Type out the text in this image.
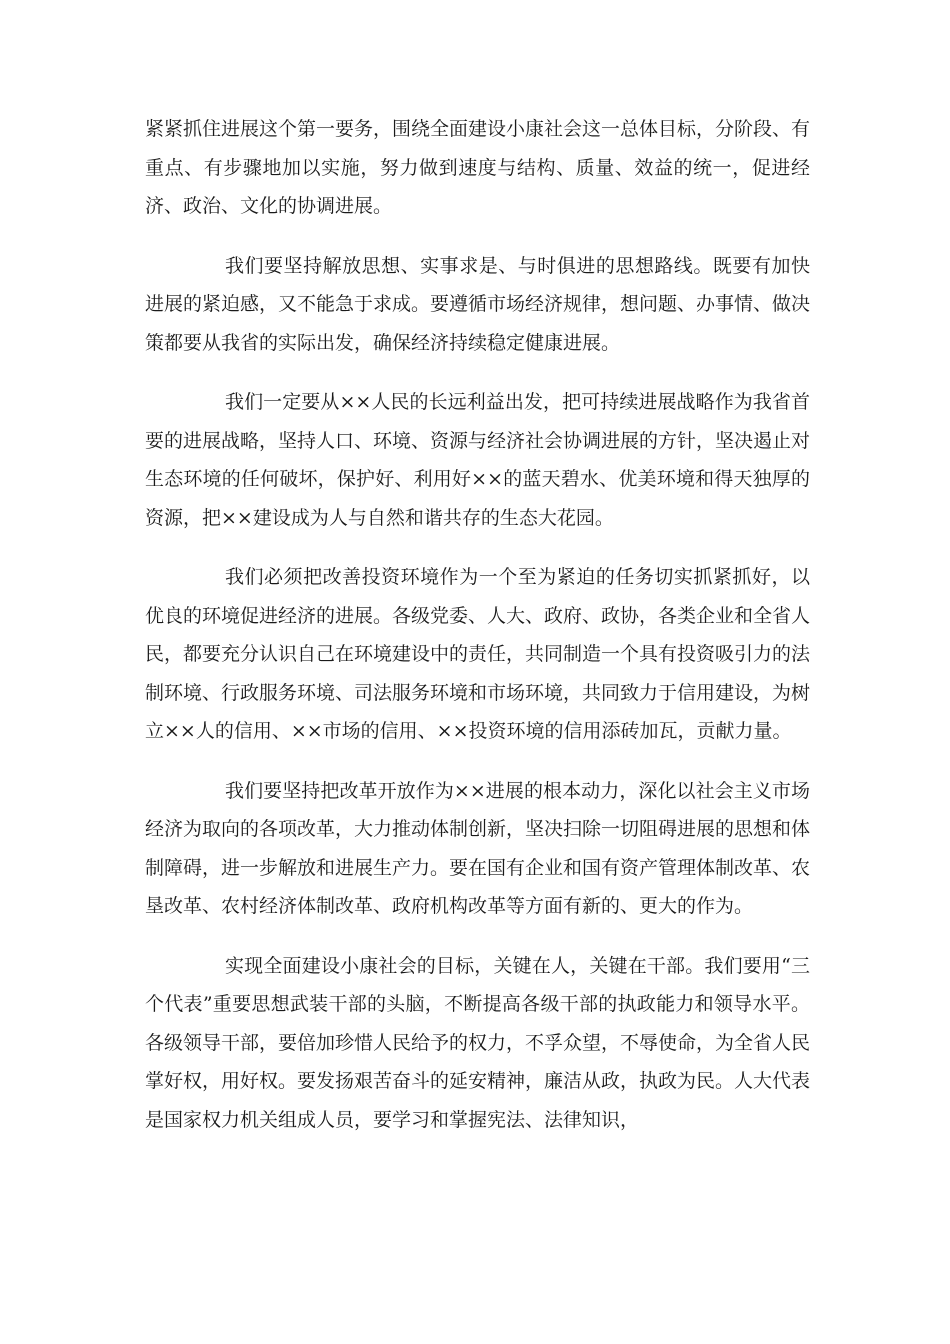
紧紧抓住进展这个第一要务，围绕全面建设小康社会这一总体目标，分阶段、有重点、有步骤地加以实施，努力做到速度与结构、质量、效益的统一，促进经济、政治、文化的协调进展。

我们要坚持解放思想、实事求是、与时俱进的思想路线。既要有加快进展的紧迫感，又不能急于求成。要遵循市场经济规律，想问题、办事情、做决策都要从我省的实际出发，确保经济持续稳定健康进展。

我们一定要从××人民的长远利益出发，把可持续进展战略作为我省首要的进展战略，坚持人口、环境、资源与经济社会协调进展的方针，坚决遏止对生态环境的任何破坏，保护好、利用好××的蓝天碧水、优美环境和得天独厚的资源，把××建设成为人与自然和谐共存的生态大花园。

我们必须把改善投资环境作为一个至为紧迫的任务切实抓紧抓好，以优良的环境促进经济的进展。各级党委、人大、政府、政协，各类企业和全省人民，都要充分认识自己在环境建设中的责任，共同制造一个具有投资吸引力的法制环境、行政服务环境、司法服务环境和市场环境，共同致力于信用建设，为树立××人的信用、××市场的信用、××投资环境的信用添砖加瓦，贡献力量。

我们要坚持把改革开放作为××进展的根本动力，深化以社会主义市场经济为取向的各项改革，大力推动体制创新，坚决扫除一切阻碍进展的思想和体制障碍，进一步解放和进展生产力。要在国有企业和国有资产管理体制改革、农垦改革、农村经济体制改革、政府机构改革等方面有新的、更大的作为。

实现全面建设小康社会的目标，关键在人，关键在干部。我们要用“三个代表”重要思想武装干部的头脑，不断提高各级干部的执政能力和领导水平。各级领导干部，要倍加珍惜人民给予的权力，不孚众望，不辱使命，为全省人民掌好权，用好权。要发扬艰苦奋斗的延安精神，廉洁从政，执政为民。人大代表是国家权力机关组成人员，要学习和掌握宪法、法律知识，
